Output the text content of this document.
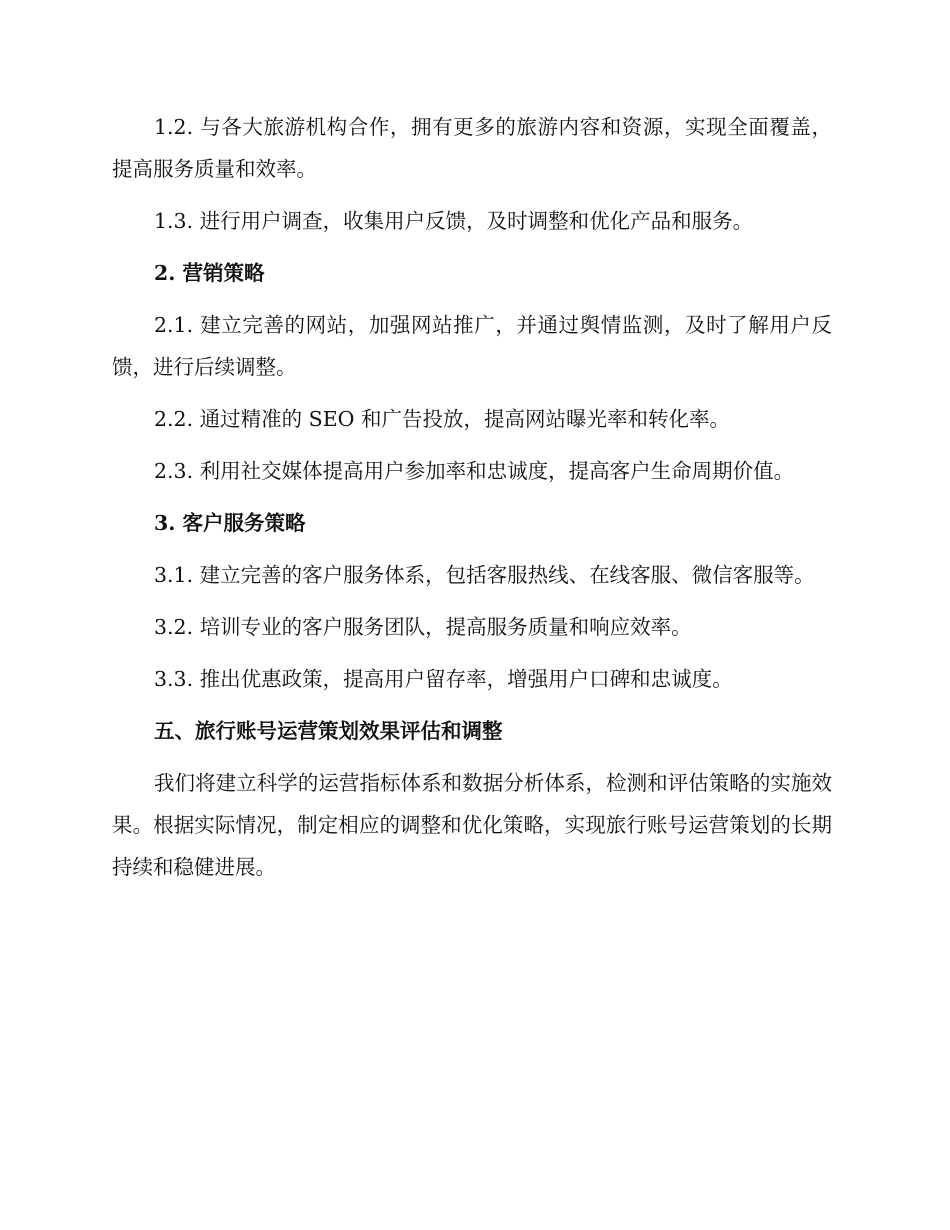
1.2. 与各大旅游机构合作，拥有更多的旅游内容和资源，实现全面覆盖，提高服务质量和效率。

1.3. 进行用户调查，收集用户反馈，及时调整和优化产品和服务。

2. 营销策略

2.1. 建立完善的网站，加强网站推广，并通过舆情监测，及时了解用户反馈，进行后续调整。

2.2. 通过精准的 SEO 和广告投放，提高网站曝光率和转化率。

2.3. 利用社交媒体提高用户参加率和忠诚度，提高客户生命周期价值。

3. 客户服务策略

3.1. 建立完善的客户服务体系，包括客服热线、在线客服、微信客服等。

3.2. 培训专业的客户服务团队，提高服务质量和响应效率。

3.3. 推出优惠政策，提高用户留存率，增强用户口碑和忠诚度。

五、旅行账号运营策划效果评估和调整

我们将建立科学的运营指标体系和数据分析体系，检测和评估策略的实施效果。根据实际情况，制定相应的调整和优化策略，实现旅行账号运营策划的长期持续和稳健进展。
